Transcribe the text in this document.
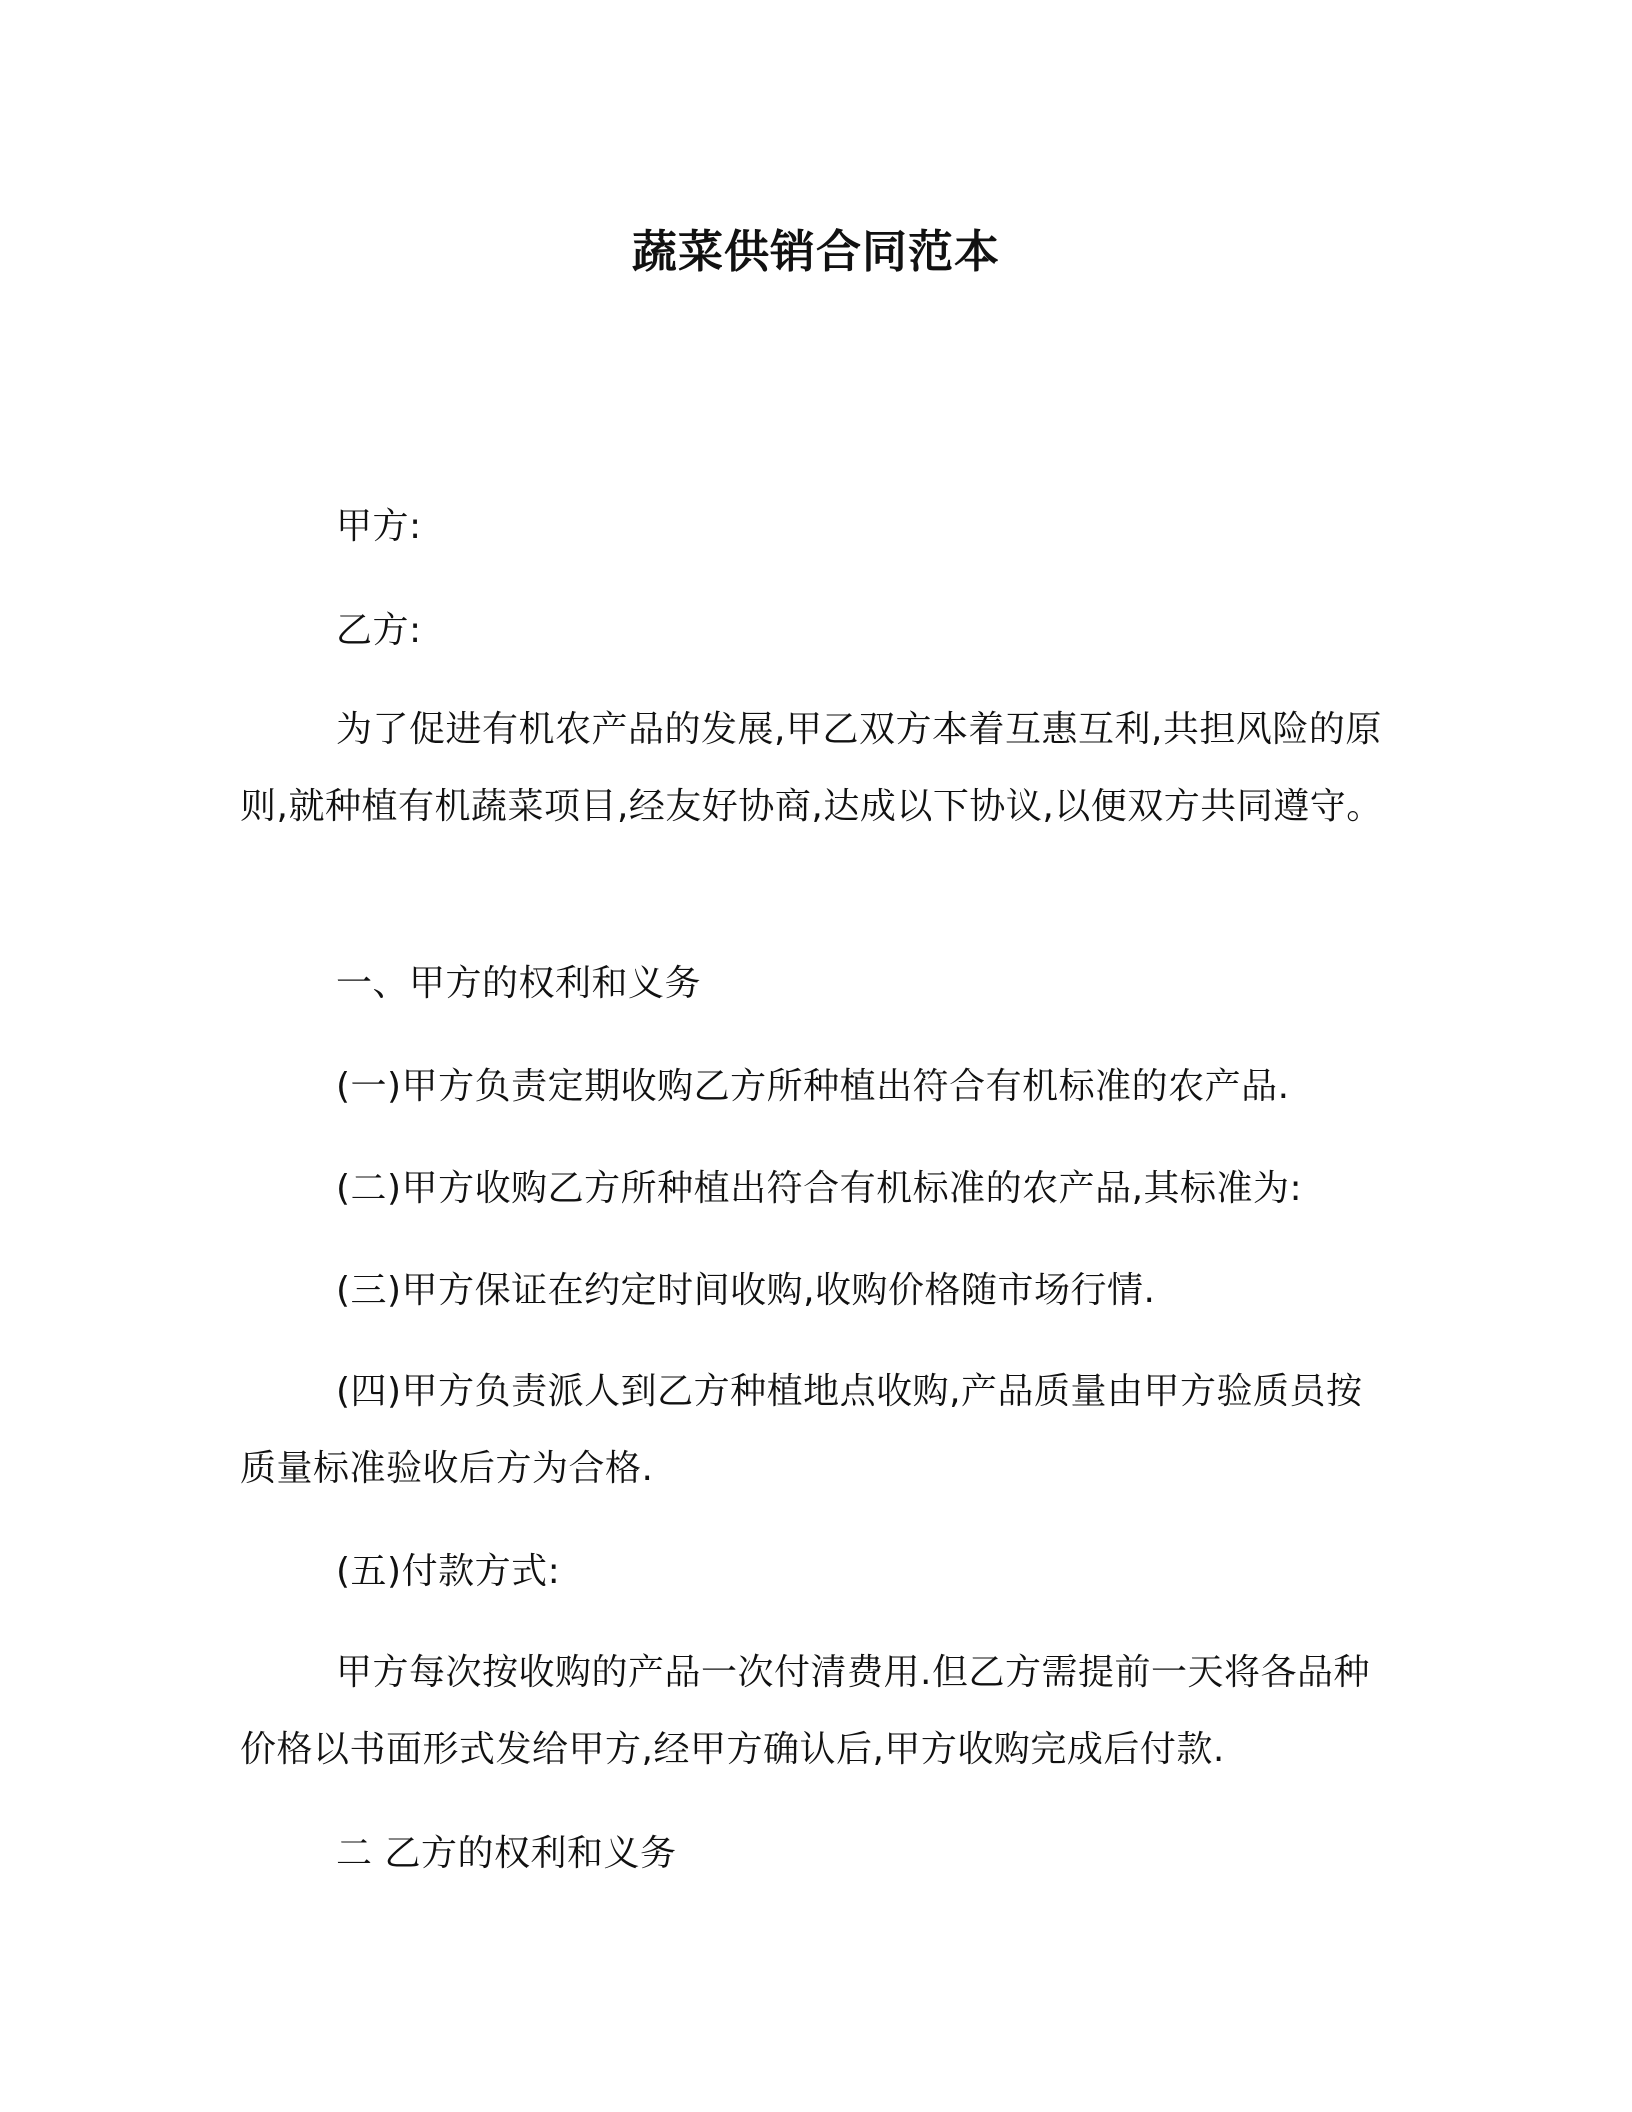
蔬菜供销合同范本

甲方:

乙方:

为了促进有机农产品的发展,甲乙双方本着互惠互利,共担风险的原则,就种植有机蔬菜项目,经友好协商,达成以下协议,以便双方共同遵守。

一、甲方的权利和义务

(一)甲方负责定期收购乙方所种植出符合有机标准的农产品.

(二)甲方收购乙方所种植出符合有机标准的农产品,其标准为:

(三)甲方保证在约定时间收购,收购价格随市场行情.

(四)甲方负责派人到乙方种植地点收购,产品质量由甲方验质员按质量标准验收后方为合格.

(五)付款方式:

甲方每次按收购的产品一次付清费用.但乙方需提前一天将各品种价格以书面形式发给甲方,经甲方确认后,甲方收购完成后付款.

二 乙方的权利和义务
